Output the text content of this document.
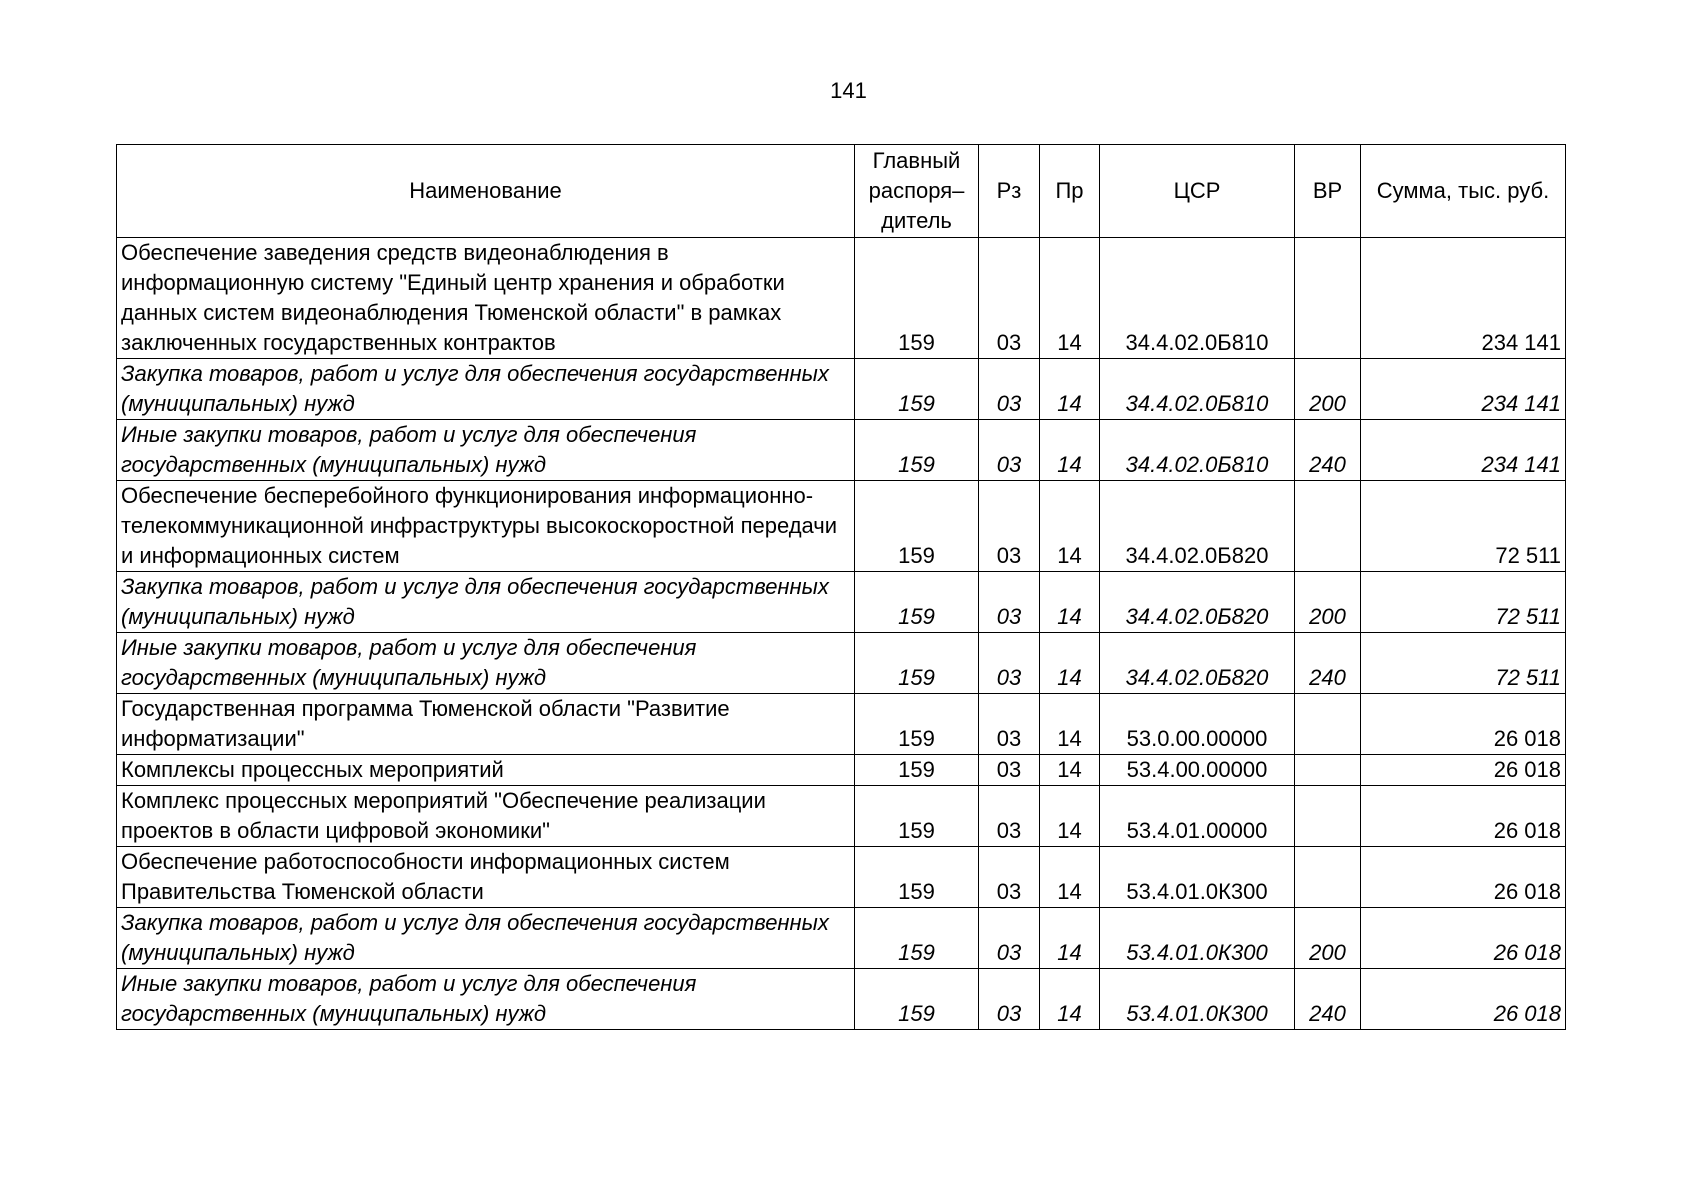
141
Наименование	Главный распоря– дитель	Рз	Пр	ЦСР	ВР	Сумма, тыс. руб.
Обеспечение заведения средств видеонаблюдения в информационную систему "Единый центр хранения и обработки данных систем видеонаблюдения Тюменской области" в рамках заключенных государственных контрактов	159	03	14	34.4.02.0Б810		234 141
Закупка товаров, работ и услуг для обеспечения государственных (муниципальных) нужд	159	03	14	34.4.02.0Б810	200	234 141
Иные закупки товаров, работ и услуг для обеспечения государственных (муниципальных) нужд	159	03	14	34.4.02.0Б810	240	234 141
Обеспечение бесперебойного функционирования информационно-телекоммуникационной инфраструктуры высокоскоростной передачи и информационных систем	159	03	14	34.4.02.0Б820		72 511
Закупка товаров, работ и услуг для обеспечения государственных (муниципальных) нужд	159	03	14	34.4.02.0Б820	200	72 511
Иные закупки товаров, работ и услуг для обеспечения государственных (муниципальных) нужд	159	03	14	34.4.02.0Б820	240	72 511
Государственная программа Тюменской области "Развитие информатизации"	159	03	14	53.0.00.00000		26 018
Комплексы процессных мероприятий	159	03	14	53.4.00.00000		26 018
Комплекс процессных мероприятий "Обеспечение реализации проектов в области цифровой экономики"	159	03	14	53.4.01.00000		26 018
Обеспечение работоспособности информационных систем Правительства Тюменской области	159	03	14	53.4.01.0К300		26 018
Закупка товаров, работ и услуг для обеспечения государственных (муниципальных) нужд	159	03	14	53.4.01.0К300	200	26 018
Иные закупки товаров, работ и услуг для обеспечения государственных (муниципальных) нужд	159	03	14	53.4.01.0К300	240	26 018
